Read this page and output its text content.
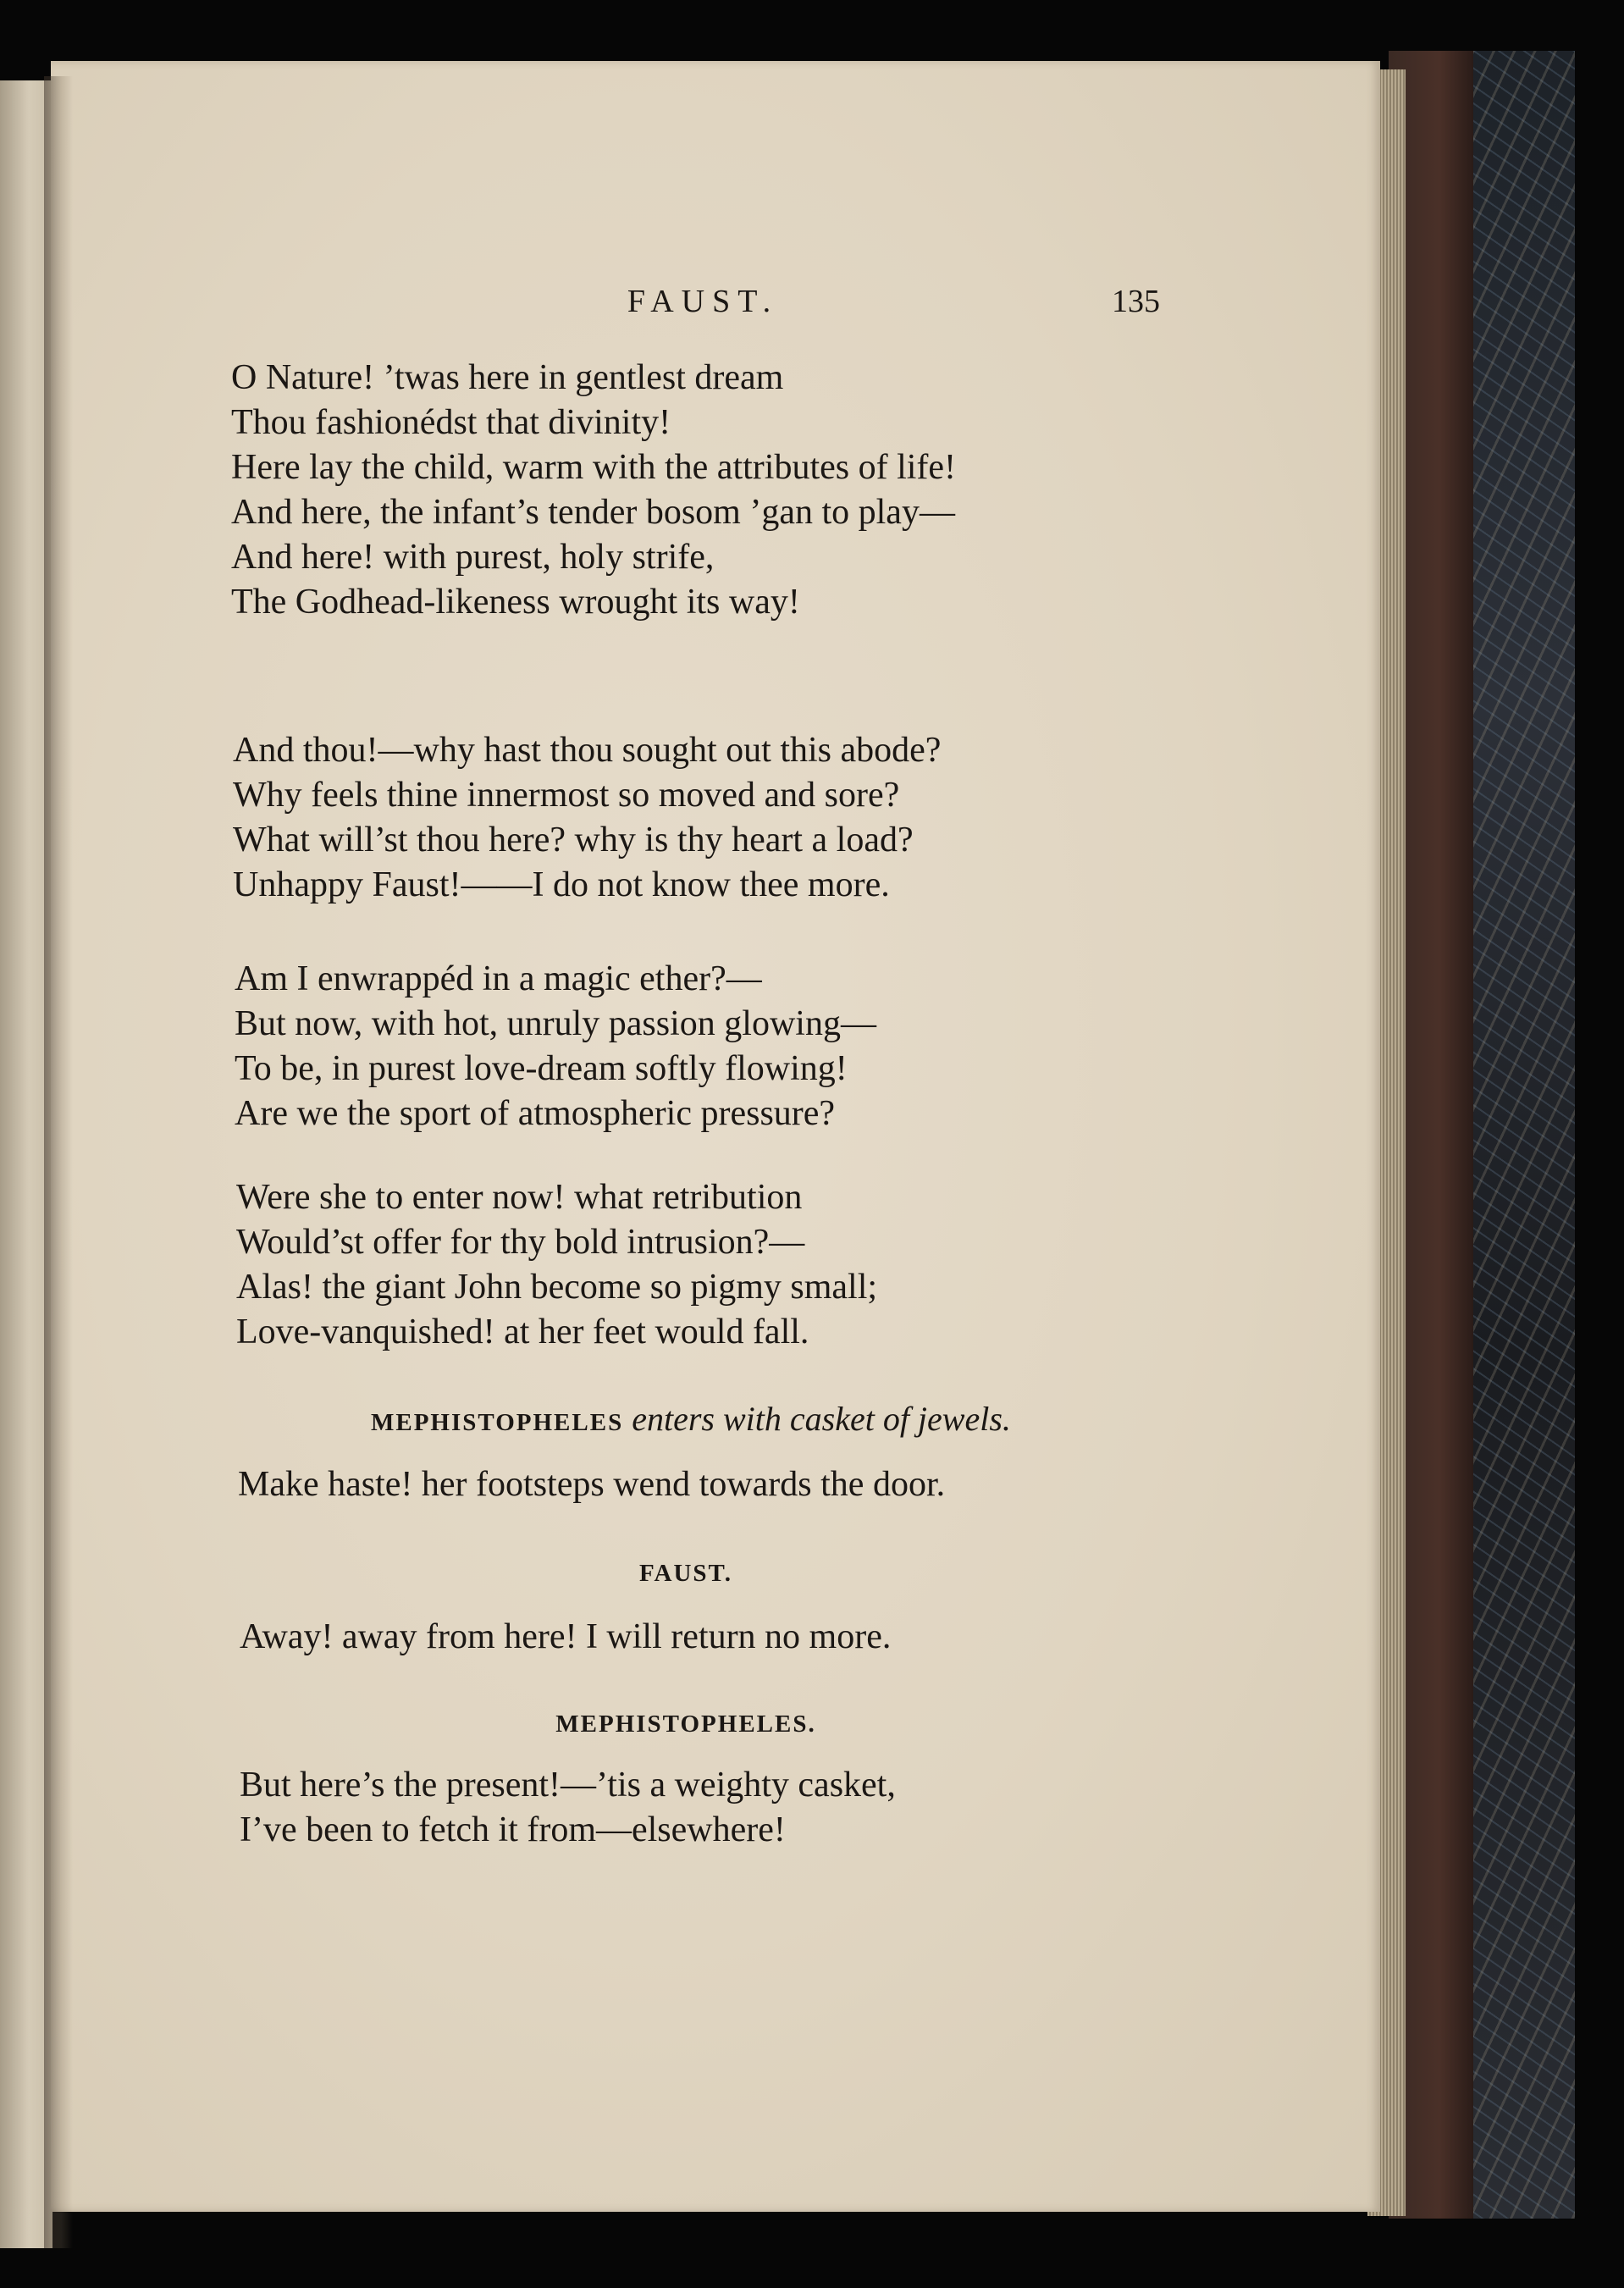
FAUST.	135
O Nature! ’twas here in gentlest dream
Thou fashionédst that divinity!
Here lay the child, warm with the attributes of life!
And here, the infant’s tender bosom ’gan to play—
And here! with purest, holy strife,
The Godhead-likeness wrought its way!
And thou!—why hast thou sought out this abode?
Why feels thine innermost so moved and sore?
What will’st thou here? why is thy heart a load?
Unhappy Faust!——I do not know thee more.
Am I enwrappéd in a magic ether?—
But now, with hot, unruly passion glowing—
To be, in purest love-dream softly flowing!
Are we the sport of atmospheric pressure?
Were she to enter now! what retribution
Would’st offer for thy bold intrusion?—
Alas! the giant John become so pigmy small;
Love-vanquished! at her feet would fall.
MEPHISTOPHELES enters with casket of jewels.
Make haste! her footsteps wend towards the door.
FAUST.
Away! away from here! I will return no more.
MEPHISTOPHELES.
But here’s the present!—’tis a weighty casket,
I’ve been to fetch it from—elsewhere!
